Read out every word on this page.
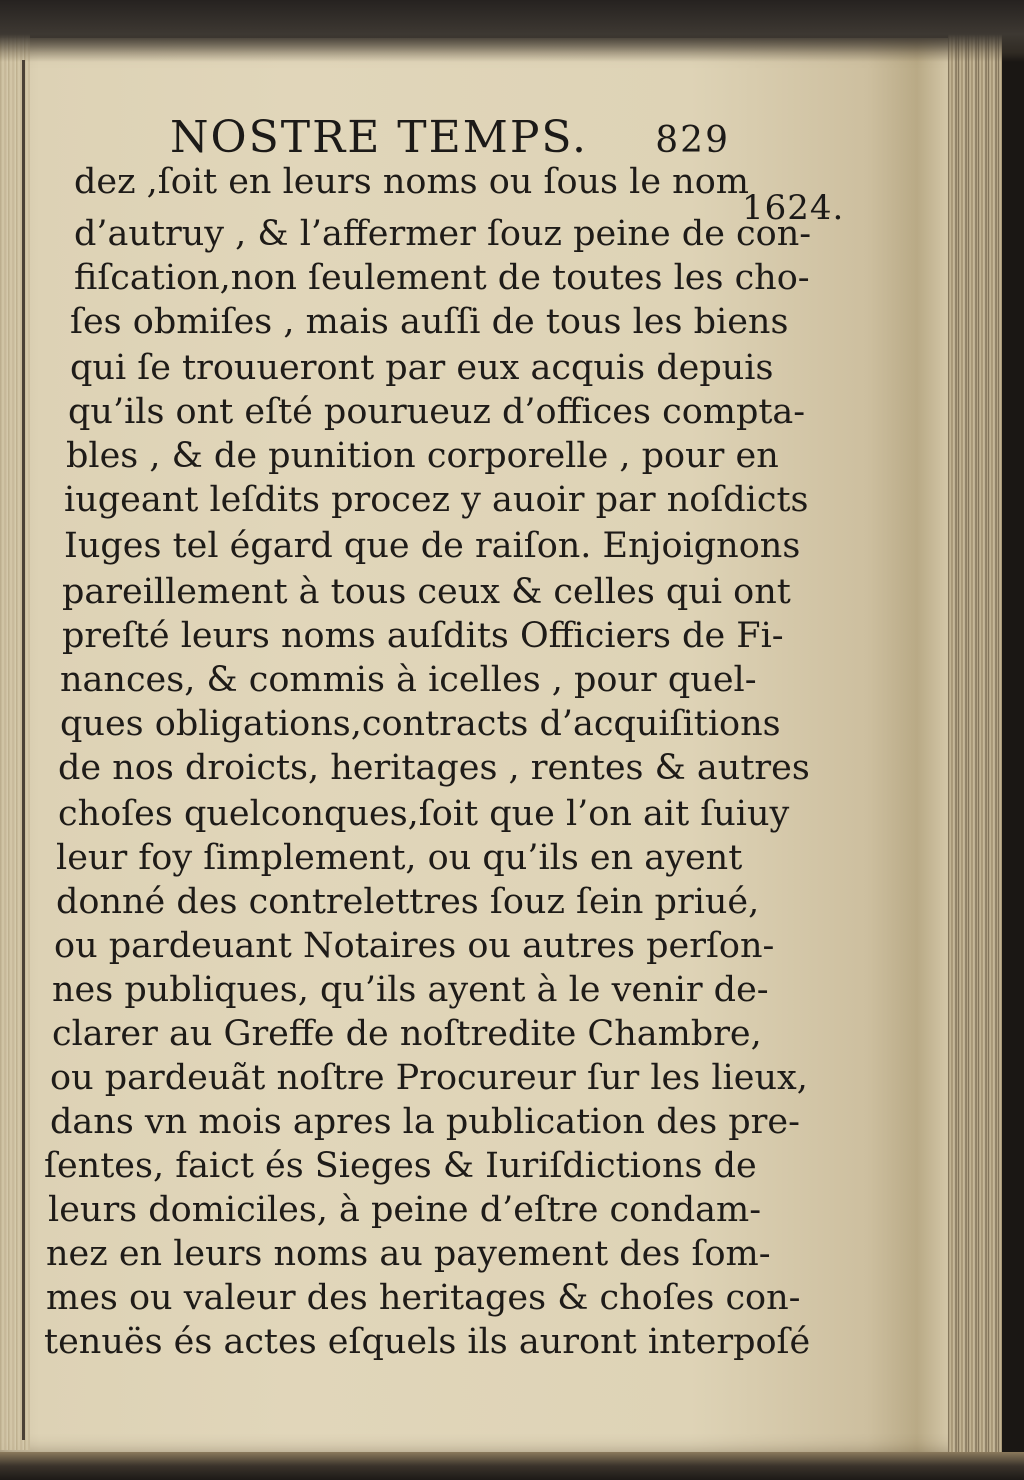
NOSTRE TEMPS. 829
1624.
dez ,ſoit en leurs noms ou ſous le nom
d’autruy , & l’affermer ſouz peine de con-
fiſcation,non ſeulement de toutes les cho-
ſes obmiſes , mais auſſi de tous les biens
qui ſe trouueront par eux acquis depuis
qu’ils ont eſté pourueuz d’offices compta-
bles , & de punition corporelle , pour en
iugeant leſdits procez y auoir par noſdicts
Iuges tel égard que de raiſon. Enjoignons
pareillement à tous ceux & celles qui ont
preſté leurs noms auſdits Officiers de Fi-
nances, & commis à icelles , pour quel-
ques obligations,contracts d’acquiſitions
de nos droicts, heritages , rentes & autres
choſes quelconques,ſoit que l’on ait ſuiuy
leur foy ſimplement, ou qu’ils en ayent
donné des contrelettres ſouz ſein priué,
ou pardeuant Notaires ou autres perſon-
nes publiques, qu’ils ayent à le venir de-
clarer au Greffe de noſtredite Chambre,
ou pardeuãt noſtre Procureur ſur les lieux,
dans vn mois apres la publication des pre-
ſentes, faict és Sieges & Iuriſdictions de
leurs domiciles, à peine d’eſtre condam-
nez en leurs noms au payement des ſom-
mes ou valeur des heritages & choſes con-
tenuës és actes eſquels ils auront interpoſé
